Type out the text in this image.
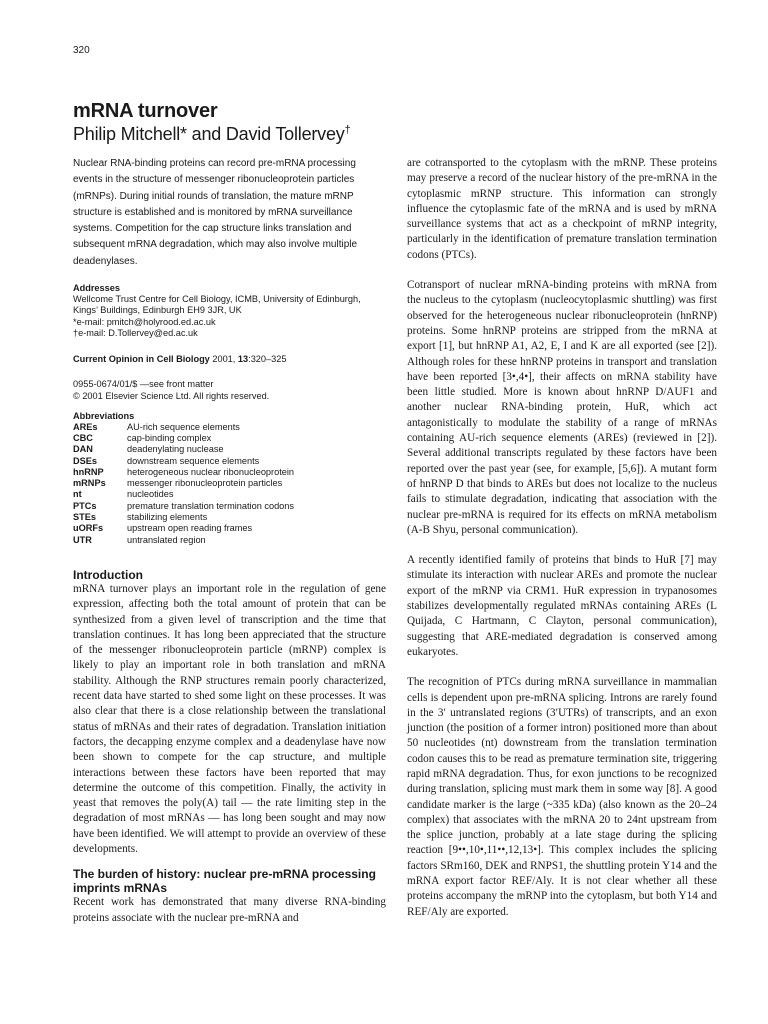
320
mRNA turnover
Philip Mitchell* and David Tollervey†

Nuclear RNA-binding proteins can record pre-mRNA processing events in the structure of messenger ribonucleoprotein particles (mRNPs). During initial rounds of translation, the mature mRNP structure is established and is monitored by mRNA surveillance systems. Competition for the cap structure links translation and subsequent mRNA degradation, which may also involve multiple deadenylases.

Addresses

Wellcome Trust Centre for Cell Biology, ICMB, University of Edinburgh,

Kings’ Buildings, Edinburgh EH9 3JR, UK

*e-mail: pmitch@holyrood.ed.ac.uk

†e-mail: D.Tollervey@ed.ac.uk

Current Opinion in Cell Biology 2001, 13:320–325
0955-0674/01/$ —see front matter
© 2001 Elsevier Science Ltd. All rights reserved.
Abbreviations
AREs	AU-rich sequence elements
CBC	cap-binding complex
DAN	deadenylating nuclease
DSEs	downstream sequence elements
hnRNP	heterogeneous nuclear ribonucleoprotein
mRNPs	messenger ribonucleoprotein particles
nt	nucleotides
PTCs	premature translation termination codons
STEs	stabilizing elements
uORFs	upstream open reading frames
UTR	untranslated region
Introduction

mRNA turnover plays an important role in the regulation of gene expression, affecting both the total amount of protein that can be synthesized from a given level of transcription and the time that translation continues. It has long been appreciated that the structure of the messenger ribonucleoprotein particle (mRNP) complex is likely to play an important role in both translation and mRNA stability. Although the RNP structures remain poorly characterized, recent data have started to shed some light on these processes. It was also clear that there is a close relationship between the translational status of mRNAs and their rates of degradation. Translation initiation factors, the decapping enzyme complex and a deadenylase have now been shown to compete for the cap structure, and multiple interactions between these factors have been reported that may determine the outcome of this competition. Finally, the activity in yeast that removes the poly(A) tail — the rate limiting step in the degradation of most mRNAs — has long been sought and may now have been identified. We will attempt to provide an overview of these developments.

The burden of history: nuclear pre-mRNA processing imprints mRNAs

Recent work has demonstrated that many diverse RNA-binding proteins associate with the nuclear pre-mRNA and

are cotransported to the cytoplasm with the mRNP. These proteins may preserve a record of the nuclear history of the pre-mRNA in the cytoplasmic mRNP structure. This information can strongly influence the cytoplasmic fate of the mRNA and is used by mRNA surveillance systems that act as a checkpoint of mRNP integrity, particularly in the identification of premature translation termination codons (PTCs).

Cotransport of nuclear mRNA-binding proteins with mRNA from the nucleus to the cytoplasm (nucleocytoplasmic shuttling) was first observed for the heterogeneous nuclear ribonucleoprotein (hnRNP) proteins. Some hnRNP proteins are stripped from the mRNA at export [1], but hnRNP A1, A2, E, I and K are all exported (see [2]). Although roles for these hnRNP proteins in transport and translation have been reported [3•,4•], their affects on mRNA stability have been little studied. More is known about hnRNP D/AUF1 and another nuclear RNA-binding protein, HuR, which act antagonistically to modulate the stability of a range of mRNAs containing AU-rich sequence elements (AREs) (reviewed in [2]). Several additional transcripts regulated by these factors have been reported over the past year (see, for example, [5,6]). A mutant form of hnRNP D that binds to AREs but does not localize to the nucleus fails to stimulate degradation, indicating that association with the nuclear pre-mRNA is required for its effects on mRNA metabolism (A-B Shyu, personal communication).

A recently identified family of proteins that binds to HuR [7] may stimulate its interaction with nuclear AREs and promote the nuclear export of the mRNP via CRM1. HuR expression in trypanosomes stabilizes developmentally regulated mRNAs containing AREs (L Quijada, C Hartmann, C Clayton, personal communication), suggesting that ARE-mediated degradation is conserved among eukaryotes.

The recognition of PTCs during mRNA surveillance in mammalian cells is dependent upon pre-mRNA splicing. Introns are rarely found in the 3′ untranslated regions (3′UTRs) of transcripts, and an exon junction (the position of a former intron) positioned more than about 50 nucleotides (nt) downstream from the translation termination codon causes this to be read as premature termination site, triggering rapid mRNA degradation. Thus, for exon junctions to be recognized during translation, splicing must mark them in some way [8]. A good candidate marker is the large (~335 kDa) (also known as the 20–24 complex) that associates with the mRNA 20 to 24nt upstream from the splice junction, probably at a late stage during the splicing reaction [9••,10•,11••,12,13•]. This complex includes the splicing factors SRm160, DEK and RNPS1, the shuttling protein Y14 and the mRNA export factor REF/Aly. It is not clear whether all these proteins accompany the mRNP into the cytoplasm, but both Y14 and REF/Aly are exported.
